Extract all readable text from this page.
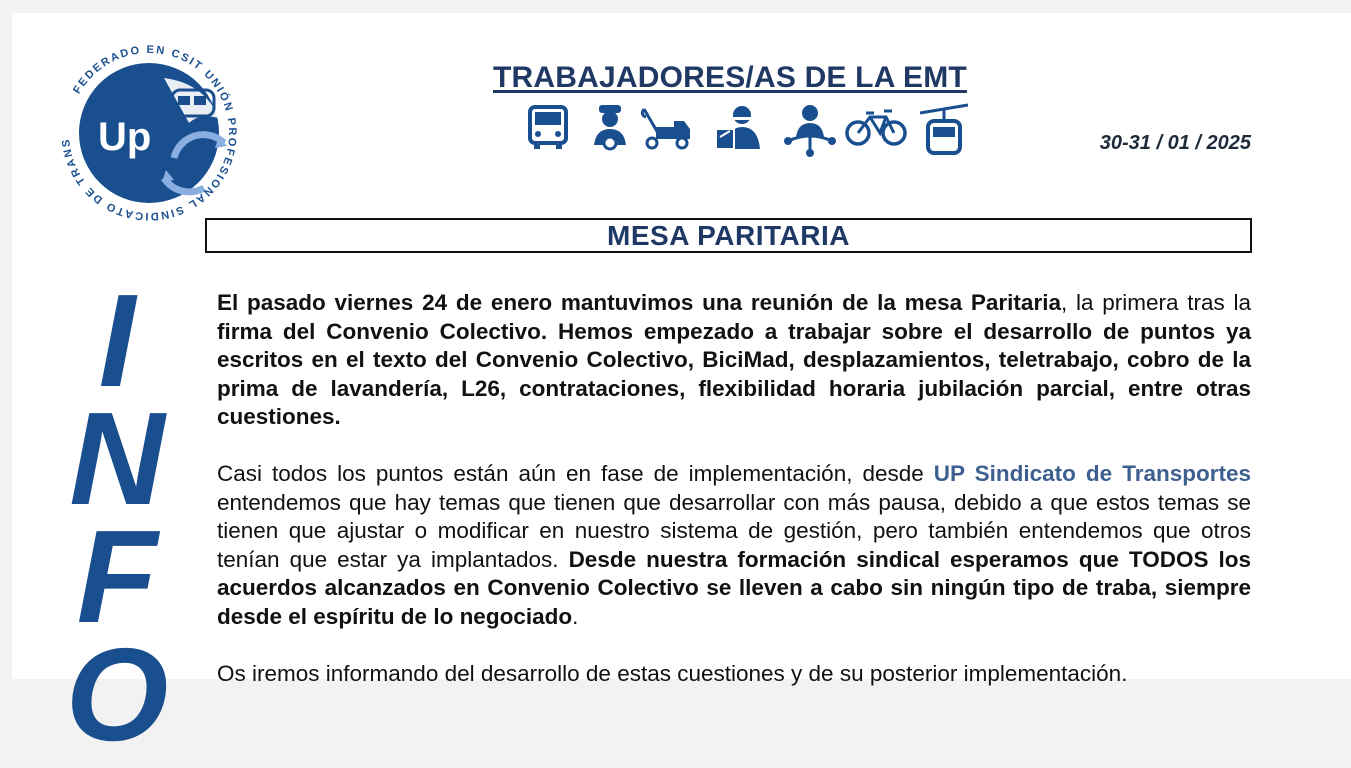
Up
FEDERADO EN CSIT UNIÓN PROFESIONAL SINDICATO DE TRANS
TRABAJADORES/AS DE LA EMT
30-31 / 01 / 2025
MESA PARITARIA
I
N
F
O

El pasado viernes 24 de enero mantuvimos una reunión de la mesa Paritaria, la primera tras la firma del Convenio Colectivo. Hemos empezado a trabajar sobre el desarrollo de puntos ya escritos en el texto del Convenio Colectivo, BiciMad, desplazamientos, teletrabajo, cobro de la prima de lavandería, L26, contrataciones, flexibilidad horaria jubilación parcial, entre otras cuestiones.

Casi todos los puntos están aún en fase de implementación, desde UP Sindicato de Transportes entendemos que hay temas que tienen que desarrollar con más pausa, debido a que estos temas se tienen que ajustar o modificar en nuestro sistema de gestión, pero también entendemos que otros tenían que estar ya implantados. Desde nuestra formación sindical esperamos que TODOS los acuerdos alcanzados en Convenio Colectivo se lleven a cabo sin ningún tipo de traba, siempre desde el espíritu de lo negociado.

Os iremos informando del desarrollo de estas cuestiones y de su posterior implementación.
